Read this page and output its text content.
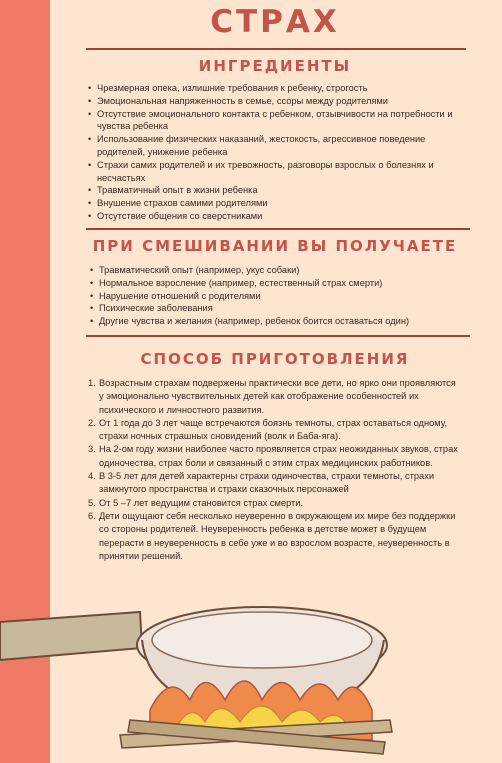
СТРАХ
ИНГРЕДИЕНТЫ
• Чрезмерная опека, излишние требования к ребенку, строгость
• Эмоциональная напряженность в семье, ссоры между родителями
• Отсутствие эмоционального контакта с ребенком, отзывчивости на потребности и чувства ребенка
• Использование физических наказаний, жестокость, агрессивное поведение родителей, унижение ребенка
• Страхи самих родителей и их тревожность, разговоры взрослых о болезнях и несчастьях
• Травматичный опыт в жизни ребенка
• Внушение страхов самими родителями
• Отсутствие общения со сверстниками
ПРИ СМЕШИВАНИИ ВЫ ПОЛУЧАЕТЕ
• Травматический опыт (например, укус собаки)
• Нормальное взросление (например, естественный страх смерти)
• Нарушение отношений с родителями
• Психические заболевания
• Другие чувства и желания (например, ребенок боится оставаться один)
СПОСОБ ПРИГОТОВЛЕНИЯ
1. Возрастным страхам подвержены практически все дети, но ярко они проявляются у эмоционально чувствительных детей как отображение особенностей их психического и личностного развития.
2. От 1 года до 3 лет чаще встречаются боязнь темноты, страх оставаться одному, страхи ночных страшных сновидений (волк и Баба-яга).
3. На 2-ом году жизни наиболее часто проявляется страх неожиданных звуков, страх одиночества, страх боли и связанный с этим страх медицинских работников.
4. В 3-5 лет для детей характерны страхи одиночества, страхи темноты, страхи замкнутого пространства и страхи сказочных персонажей
5. От 5 –7 лет ведущим становится страх смерти.
6. Дети ощущают себя несколько неуверенно в окружающем их мире без поддержки со стороны родителей. Неуверенность ребенка в детстве может в будущем перерасти в неуверенность в себе уже и во взрослом возрасте, неуверенность в принятии решений.
